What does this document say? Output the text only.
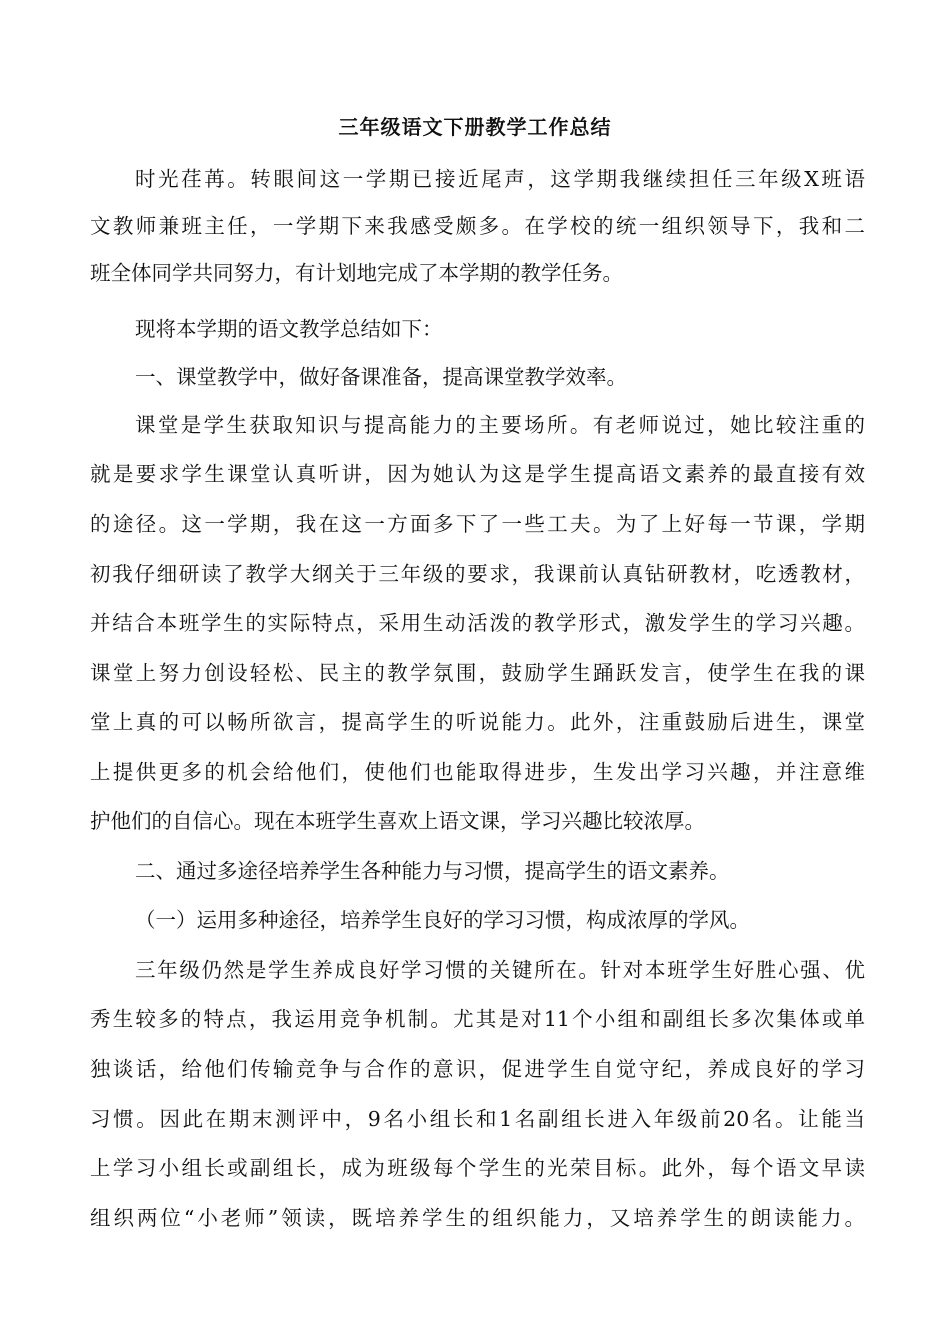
三年级语文下册教学工作总结
时光荏苒。转眼间这一学期已接近尾声，这学期我继续担任三年级X班语
文教师兼班主任，一学期下来我感受颇多。在学校的统一组织领导下，我和二
班全体同学共同努力，有计划地完成了本学期的教学任务。
现将本学期的语文教学总结如下：
一、课堂教学中，做好备课准备，提高课堂教学效率。
课堂是学生获取知识与提高能力的主要场所。有老师说过，她比较注重的
就是要求学生课堂认真听讲，因为她认为这是学生提高语文素养的最直接有效
的途径。这一学期，我在这一方面多下了一些工夫。为了上好每一节课，学期
初我仔细研读了教学大纲关于三年级的要求，我课前认真钻研教材，吃透教材，
并结合本班学生的实际特点，采用生动活泼的教学形式，激发学生的学习兴趣。
课堂上努力创设轻松、民主的教学氛围，鼓励学生踊跃发言，使学生在我的课
堂上真的可以畅所欲言，提高学生的听说能力。此外，注重鼓励后进生，课堂
上提供更多的机会给他们，使他们也能取得进步，生发出学习兴趣，并注意维
护他们的自信心。现在本班学生喜欢上语文课，学习兴趣比较浓厚。
二、通过多途径培养学生各种能力与习惯，提高学生的语文素养。
（一）运用多种途径，培养学生良好的学习习惯，构成浓厚的学风。
三年级仍然是学生养成良好学习惯的关键所在。针对本班学生好胜心强、优
秀生较多的特点，我运用竞争机制。尤其是对11个小组和副组长多次集体或单
独谈话，给他们传输竞争与合作的意识，促进学生自觉守纪，养成良好的学习
习惯。因此在期末测评中，9名小组长和1名副组长进入年级前20名。让能当
上学习小组长或副组长，成为班级每个学生的光荣目标。此外，每个语文早读
组织两位“小老师”领读，既培养学生的组织能力，又培养学生的朗读能力。
